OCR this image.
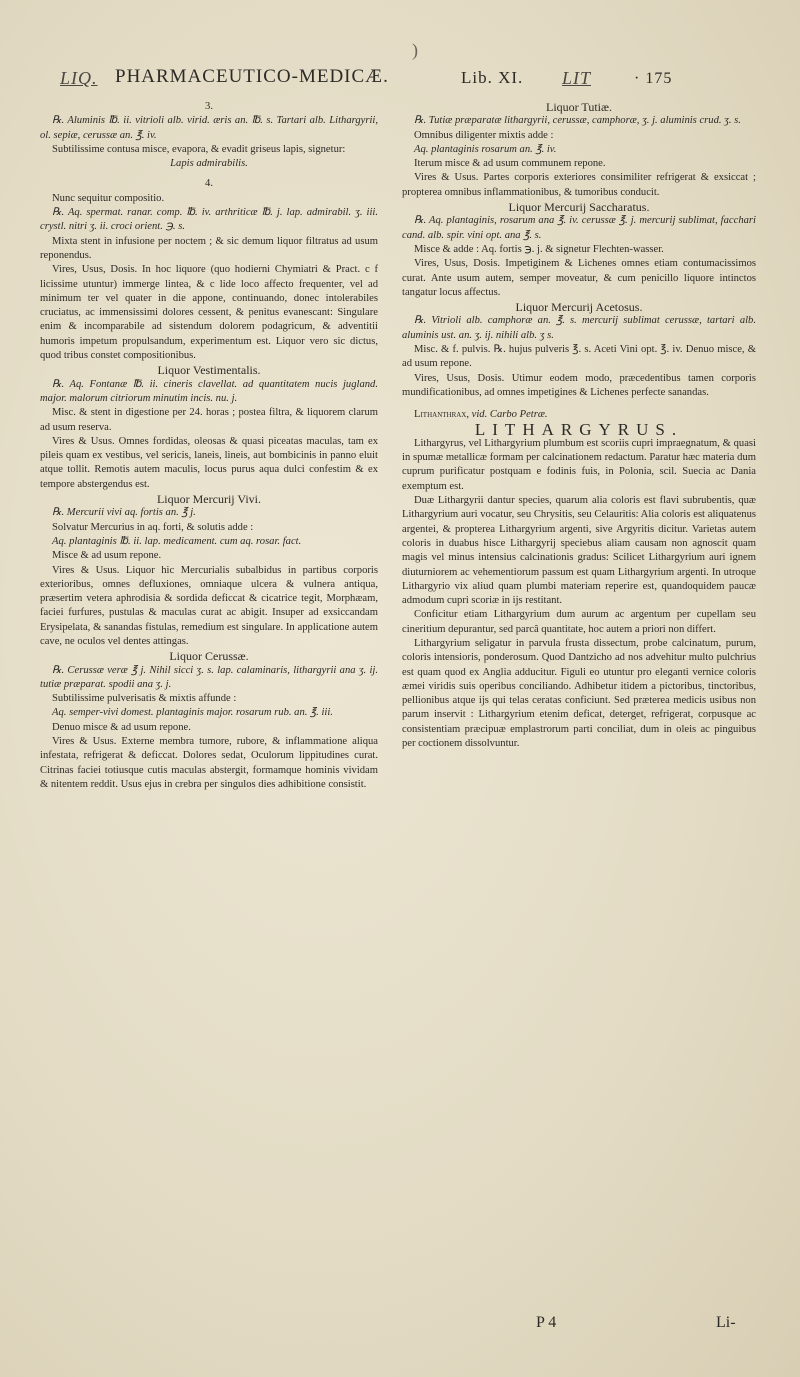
)
LIQ. PHARMACEUTICO-MEDICÆ.	Lib. XI. LIT	· 175

3.

℞. Aluminis ℔. ii. vitrioli alb. virid. æris an. ℔. s. Tartari alb. Lithargyrii, ol. sepiæ, cerussæ an. ℥. iv.

Subtilissime contusa misce, evapora, & evadit griseus lapis, signetur:

Lapis admirabilis.

4.

Nunc sequitur compositio.

℞. Aq. spermat. ranar. comp. ℔. iv. arthriticæ ℔. j. lap. admirabil. ʒ. iii. crystl. nitri ʒ. ii. croci orient. ℈. s.

Mixta stent in infusione per noctem ; & sic demum liquor filtratus ad usum reponendus.

Vires, Usus, Dosis. In hoc liquore (quo hodierni Chymiatri & Pract. c f licissime utuntur) immerge lintea, & c lide loco affecto frequenter, vel ad minimum ter vel quater in die appone, continuando, donec intolerabiles cruciatus, ac immensissimi dolores cessent, & penitus evanescant: Singulare enim & incomparabile ad sistendum dolorem podagricum, & adventitii humoris impetum propulsandum, experimentum est. Liquor vero sic dictus, quod tribus constet compositionibus.

Liquor Vestimentalis.

℞. Aq. Fontanæ ℔. ii. cineris clavellat. ad quantitatem nucis jugland. major. malorum citriorum minutim incis. nu. j.

Misc. & stent in digestione per 24. horas ; postea filtra, & liquorem clarum ad usum reserva.

Vires & Usus. Omnes fordidas, oleosas & quasi piceatas maculas, tam ex pileis quam ex vestibus, vel sericis, laneis, lineis, aut bombicinis in panno eluit atque tollit. Remotis autem maculis, locus purus aqua dulci confestim & ex tempore abstergendus est.

Liquor Mercurij Vivi.

℞. Mercurii vivi aq. fortis an. ℥ j.

Solvatur Mercurius in aq. forti, & solutis adde :

Aq. plantaginis ℔. ii. lap. medicament. cum aq. rosar. fact.

Misce & ad usum repone.

Vires & Usus. Liquor hic Mercurialis subalbidus in partibus corporis exterioribus, omnes defluxiones, omniaque ulcera & vulnera antiqua, præsertim vetera aphrodisia & sordida deficcat & cicatrice tegit, Morphæam, faciei furfures, pustulas & maculas curat ac abigit. Insuper ad exsiccandam Erysipelata, & sanandas fistulas, remedium est singulare. In applicatione autem cave, ne oculos vel dentes attingas.

Liquor Cerussæ.

℞. Cerussæ veræ ℥ j. Nihil sicci ʒ. s. lap. calaminaris, lithargyrii ana ʒ. ij. tutiæ præparat. spodii ana ʒ. j.

Subtilissime pulverisatis & mixtis affunde :

Aq. semper-vivi domest. plantaginis major. rosarum rub. an. ℥. iii.

Denuo misce & ad usum repone.

Vires & Usus. Externe membra tumore, rubore, & inflammatione aliqua infestata, refrigerat & deficcat. Dolores sedat, Oculorum lippitudines curat. Citrinas faciei totiusque cutis maculas abstergit, formamque hominis vividam & nitentem reddit. Usus ejus in crebra per singulos dies adhibitione consistit.

Liquor Tutiæ.

℞. Tutiæ præparatæ lithargyrii, cerussæ, camphoræ, ʒ. j. aluminis crud. ʒ. s.

Omnibus diligenter mixtis adde :

Aq. plantaginis rosarum an. ℥. iv.

Iterum misce & ad usum communem repone.

Vires & Usus. Partes corporis exteriores consimiliter refrigerat & exsiccat ; propterea omnibus inflammationibus, & tumoribus conducit.

Liquor Mercurij Saccharatus.

℞. Aq. plantaginis, rosarum ana ℥. iv. cerussæ ℥. j. mercurij sublimat, facchari cand. alb. spir. vini opt. ana ℥. s.

Misce & adde : Aq. fortis ℈. j. & signetur Flechten-wasser.

Vires, Usus, Dosis. Impetiginem & Lichenes omnes etiam contumacissimos curat. Ante usum autem, semper moveatur, & cum penicillo liquore intinctos tangatur locus affectus.

Liquor Mercurij Acetosus.

℞. Vitrioli alb. camphoræ an. ℥. s. mercurij sublimat cerussæ, tartari alb. aluminis ust. an. ʒ. ij. nihili alb. ʒ s.

Misc. & f. pulvis. ℞. hujus pulveris ℥. s. Aceti Vini opt. ℥. iv. Denuo misce, & ad usum repone.

Vires, Usus, Dosis. Utimur eodem modo, præcedentibus tamen corporis mundificationibus, ad omnes impetigines & Lichenes perfecte sanandas.

Lithanthrax, vid. Carbo Petræ.

LITHARGYRUS.

Lithargyrus, vel Lithargyrium plumbum est scoriis cupri impraegnatum, & quasi in spumæ metallicæ formam per calcinationem redactum. Paratur hæc materia dum cuprum purificatur postquam e fodinis fuis, in Polonia, scil. Suecia ac Dania exemptum est.

Duæ Lithargyrii dantur species, quarum alia coloris est flavi subrubentis, quæ Lithargyrium auri vocatur, seu Chrysitis, seu Celauritis: Alia coloris est aliquatenus argentei, & propterea Lithargyrium argenti, sive Argyritis dicitur. Varietas autem coloris in duabus hisce Lithargyrij speciebus aliam causam non agnoscit quam magis vel minus intensius calcinationis gradus: Scilicet Lithargyrium auri ignem diuturniorem ac vehementiorum passum est quam Lithargyrium argenti. In utroque Lithargyrio vix aliud quam plumbi materiam reperire est, quandoquidem paucæ admodum cupri scoriæ in ijs restitant.

Conficitur etiam Lithargyrium dum aurum ac argentum per cupellam seu cineritium depurantur, sed parcâ quantitate, hoc autem a priori non differt.

Lithargyrium seligatur in parvula frusta dissectum, probe calcinatum, purum, coloris intensioris, ponderosum. Quod Dantzicho ad nos advehitur multo pulchrius est quam quod ex Anglia adducitur. Figuli eo utuntur pro eleganti vernice coloris æmei viridis suis operibus conciliando. Adhibetur itidem a pictoribus, tinctoribus, pellionibus atque ijs qui telas ceratas conficiunt. Sed præterea medicis usibus non parum inservit : Lithargyrium etenim deficat, deterget, refrigerat, corpusque ac consistentiam præcipuæ emplastrorum parti conciliat, dum in oleis ac pinguibus per coctionem dissolvuntur.

P 4	Li-
